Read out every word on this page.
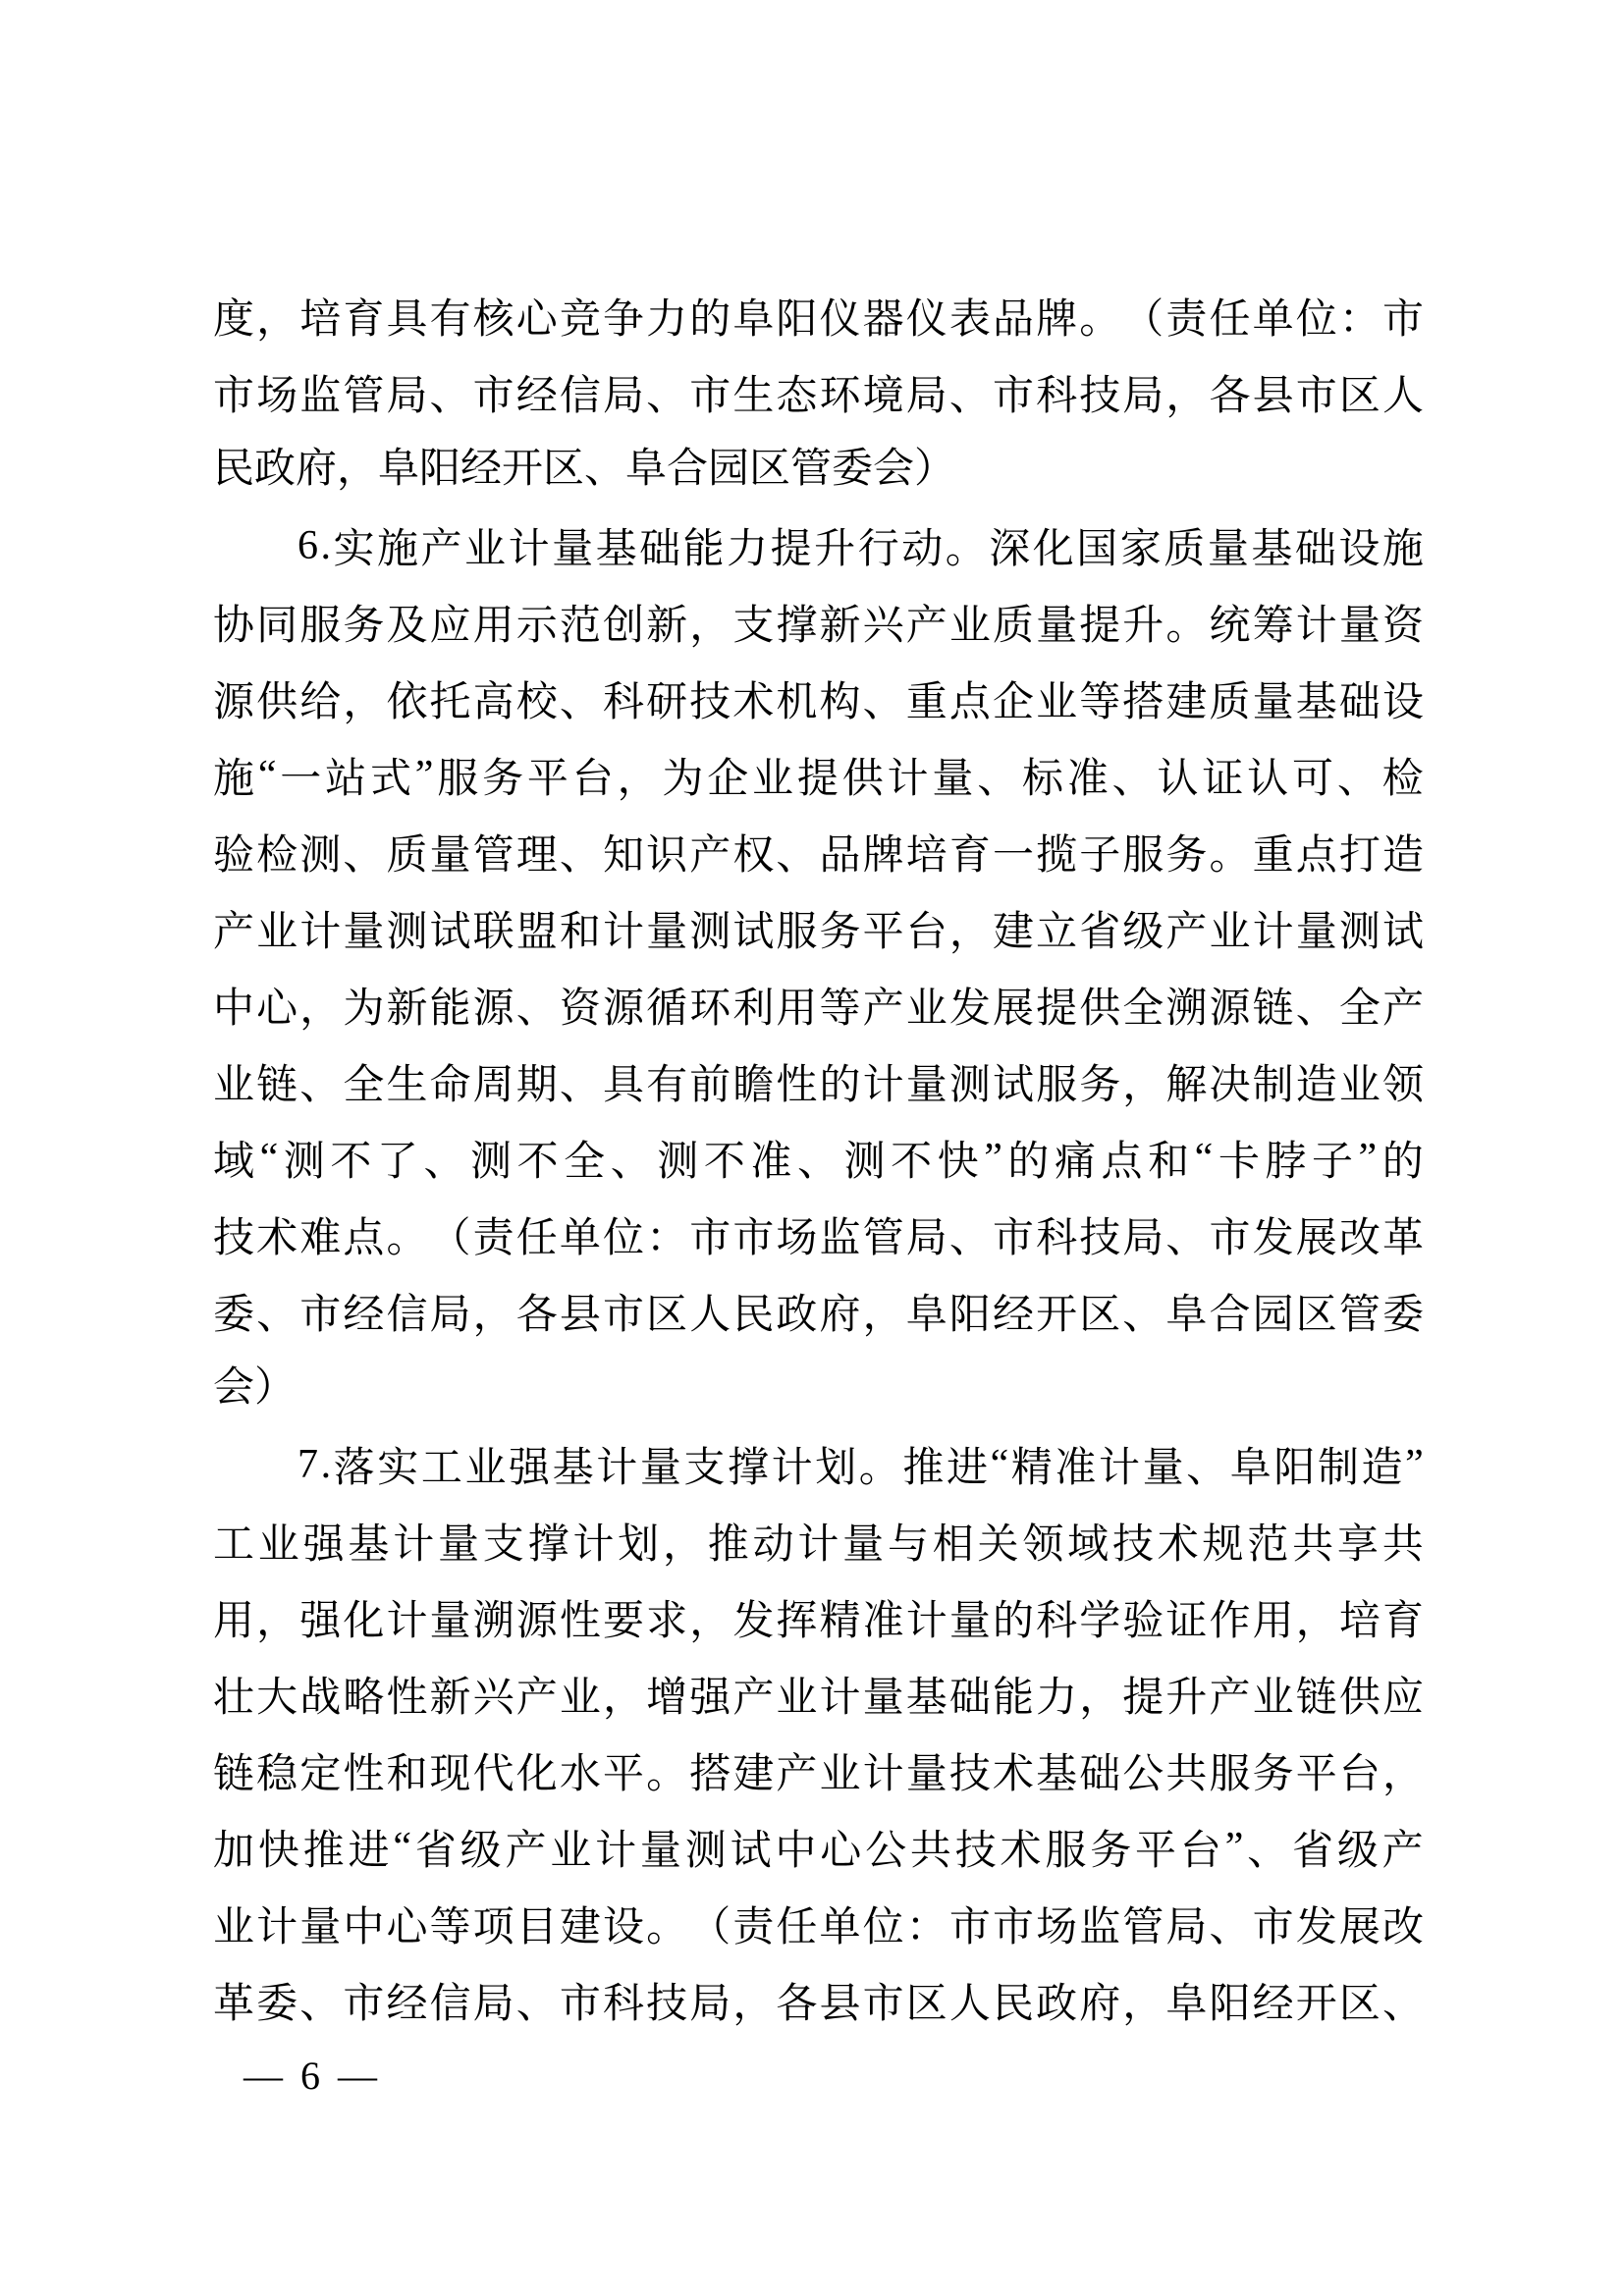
度 ， 培 育 具 有 核 心 竞 争 力 的 阜 阳 仪 器 仪 表 品 牌 。 （ 责 任 单 位 ： 市
市 场 监 管 局 、 市 经 信 局 、 市 生 态 环 境 局 、 市 科 技 局 ， 各 县 市 区 人
民政府，阜阳经开区、阜合园区管委会）
6 . 实 施 产 业 计 量 基 础 能 力 提 升 行 动 。 深 化 国 家 质 量 基 础 设 施
协 同 服 务 及 应 用 示 范 创 新 ， 支 撑 新 兴 产 业 质 量 提 升 。 统 筹 计 量 资
源 供 给 ， 依 托 高 校 、 科 研 技 术 机 构 、 重 点 企 业 等 搭 建 质 量 基 础 设
施 “ 一 站 式 ” 服 务 平 台 ， 为 企 业 提 供 计 量 、 标 准 、 认 证 认 可 、 检
验 检 测 、 质 量 管 理 、 知 识 产 权 、 品 牌 培 育 一 揽 子 服 务 。 重 点 打 造
产 业 计 量 测 试 联 盟 和 计 量 测 试 服 务 平 台 ， 建 立 省 级 产 业 计 量 测 试
中 心 ， 为 新 能 源 、 资 源 循 环 利 用 等 产 业 发 展 提 供 全 溯 源 链 、 全 产
业 链 、 全 生 命 周 期 、 具 有 前 瞻 性 的 计 量 测 试 服 务 ， 解 决 制 造 业 领
域 “ 测 不 了 、 测 不 全 、 测 不 准 、 测 不 快 ” 的 痛 点 和 “ 卡 脖 子 ” 的
技 术 难 点 。 （ 责 任 单 位 ： 市 市 场 监 管 局 、 市 科 技 局 、 市 发 展 改 革
委 、 市 经 信 局 ， 各 县 市 区 人 民 政 府 ， 阜 阳 经 开 区 、 阜 合 园 区 管 委
会）
7 . 落 实 工 业 强 基 计 量 支 撑 计 划 。 推 进 “ 精 准 计 量 、 阜 阳 制 造 ”
工 业 强 基 计 量 支 撑 计 划 ， 推 动 计 量 与 相 关 领 域 技 术 规 范 共 享 共
用 ， 强 化 计 量 溯 源 性 要 求 ， 发 挥 精 准 计 量 的 科 学 验 证 作 用 ， 培 育
壮 大 战 略 性 新 兴 产 业 ， 增 强 产 业 计 量 基 础 能 力 ， 提 升 产 业 链 供 应
链 稳 定 性 和 现 代 化 水 平 。 搭 建 产 业 计 量 技 术 基 础 公 共 服 务 平 台 ，
加 快 推 进 “ 省 级 产 业 计 量 测 试 中 心 公 共 技 术 服 务 平 台 ” 、 省 级 产
业 计 量 中 心 等 项 目 建 设 。 （ 责 任 单 位 ： 市 市 场 监 管 局 、 市 发 展 改
革 委 、 市 经 信 局 、 市 科 技 局 ， 各 县 市 区 人 民 政 府 ， 阜 阳 经 开 区 、
— 6 —
